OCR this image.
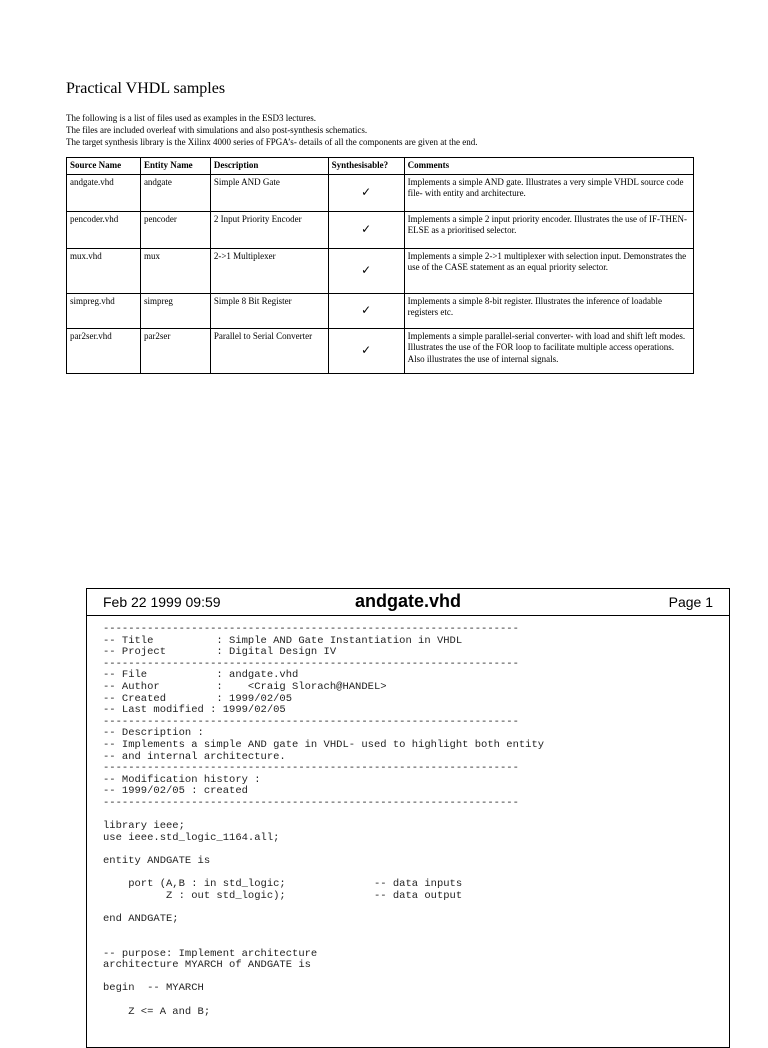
Practical VHDL samples
The following is a list of files used as examples in the ESD3 lectures.
The files are included overleaf with simulations and also post-synthesis schematics.
The target synthesis library is the Xilinx 4000 series of FPGA’s- details of all the components are given at the end.
Source Name	Entity Name	Description	Synthesisable?	Comments
andgate.vhd	andgate	Simple AND Gate	✓	Implements a simple AND gate. Illustrates a very simple VHDL source code file- with entity and architecture.
pencoder.vhd	pencoder	2 Input Priority Encoder	✓	Implements a simple 2 input priority encoder. Illustrates the use of IF-THEN-ELSE as a prioritised selector.
mux.vhd	mux	2->1 Multiplexer	✓	Implements a simple 2->1 multiplexer with selection input. Demonstrates the use of the CASE statement as an equal priority selector.
simpreg.vhd	simpreg	Simple 8 Bit Register	✓	Implements a simple 8-bit register. Illustrates the inference of loadable registers etc.
par2ser.vhd	par2ser	Parallel to Serial Converter	✓	Implements a simple parallel-serial converter- with load and shift left modes. Illustrates the use of the FOR loop to facilitate multiple access operations. Also illustrates the use of internal signals.
Feb 22 1999 09:59	andgate.vhd	Page 1
------------------------------------------------------------------
-- Title          : Simple AND Gate Instantiation in VHDL
-- Project        : Digital Design IV
------------------------------------------------------------------
-- File           : andgate.vhd
-- Author         :    <Craig Slorach@HANDEL>
-- Created        : 1999/02/05
-- Last modified : 1999/02/05
------------------------------------------------------------------
-- Description :
-- Implements a simple AND gate in VHDL- used to highlight both entity
-- and internal architecture.
------------------------------------------------------------------
-- Modification history :
-- 1999/02/05 : created
------------------------------------------------------------------
library ieee;
use ieee.std_logic_1164.all;
entity ANDGATE is
port (A,B : in std_logic;              -- data inputs
Z : out std_logic);              -- data output
end ANDGATE;
-- purpose: Implement architecture
architecture MYARCH of ANDGATE is
begin  -- MYARCH
Z <= A and B;
